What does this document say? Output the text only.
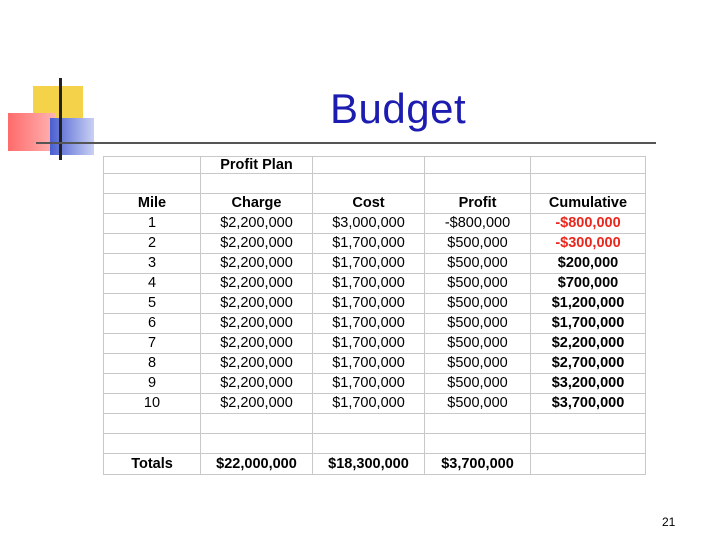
Budget
	Profit Plan			

Mile	Charge	Cost	Profit	Cumulative
1	$2,200,000	$3,000,000	-$800,000	-$800,000
2	$2,200,000	$1,700,000	$500,000	-$300,000
3	$2,200,000	$1,700,000	$500,000	$200,000
4	$2,200,000	$1,700,000	$500,000	$700,000
5	$2,200,000	$1,700,000	$500,000	$1,200,000
6	$2,200,000	$1,700,000	$500,000	$1,700,000
7	$2,200,000	$1,700,000	$500,000	$2,200,000
8	$2,200,000	$1,700,000	$500,000	$2,700,000
9	$2,200,000	$1,700,000	$500,000	$3,200,000
10	$2,200,000	$1,700,000	$500,000	$3,700,000

Totals	$22,000,000	$18,300,000	$3,700,000	
21
